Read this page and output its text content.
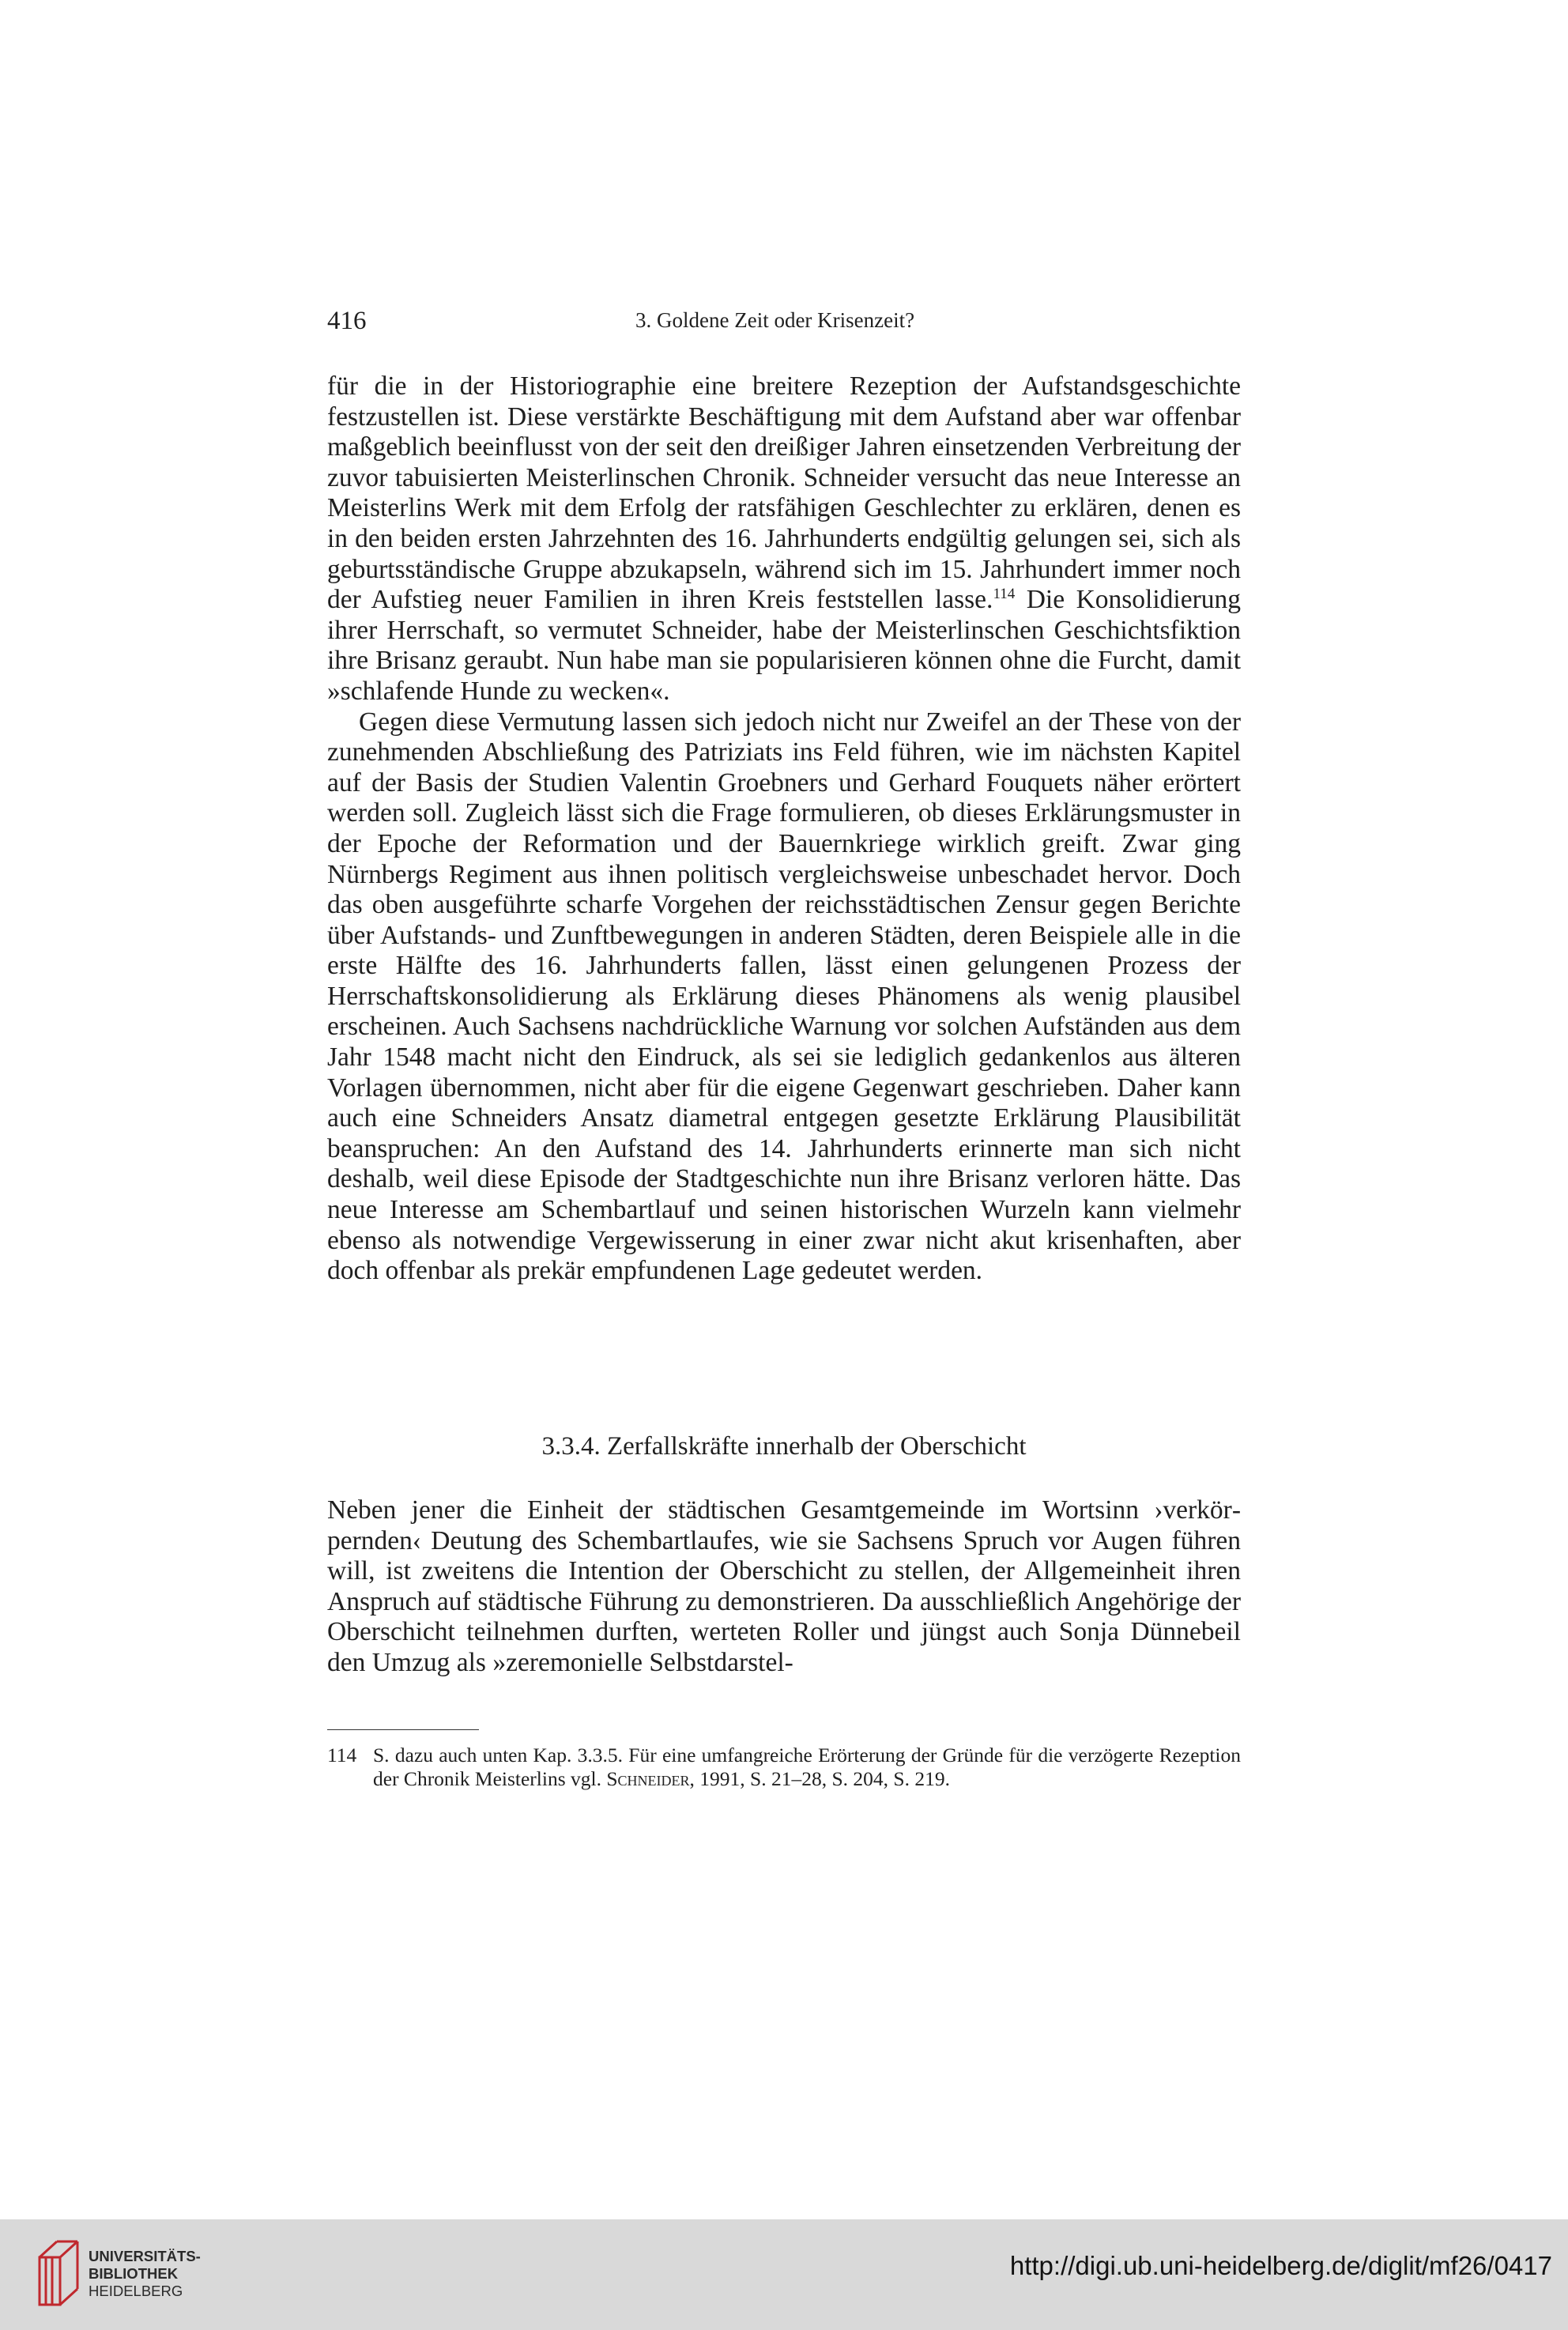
416	3. Goldene Zeit oder Krisenzeit?

für die in der Historiographie eine breitere Rezeption der Aufstandsgeschichte festzustellen ist. Diese verstärkte Beschäftigung mit dem Aufstand aber war offenbar maßgeblich beeinflusst von der seit den dreißiger Jahren einsetzenden Verbreitung der zuvor tabuisierten Meisterlinschen Chronik. Schneider versucht das neue Interesse an Meisterlins Werk mit dem Erfolg der ratsfähigen Geschlechter zu erklären, denen es in den beiden ersten Jahrzehnten des 16. Jahrhunderts endgültig gelungen sei, sich als geburtsständische Gruppe abzukapseln, während sich im 15. Jahrhundert immer noch der Aufstieg neuer Familien in ihren Kreis feststellen lasse.$^{114}$ Die Konsolidierung ihrer Herrschaft, so vermutet Schneider, habe der Meisterlinschen Geschichtsfiktion ihre Brisanz geraubt. Nun habe man sie popularisieren können ohne die Furcht, damit »schlafende Hunde zu wecken«.

Gegen diese Vermutung lassen sich jedoch nicht nur Zweifel an der These von der zunehmenden Abschließung des Patriziats ins Feld führen, wie im nächsten Kapitel auf der Basis der Studien Valentin Groebners und Gerhard Fouquets näher erörtert werden soll. Zugleich lässt sich die Frage formulieren, ob dieses Erklärungsmuster in der Epoche der Reformation und der Bauernkriege wirklich greift. Zwar ging Nürnbergs Regiment aus ihnen politisch vergleichsweise unbeschadet hervor. Doch das oben ausgeführte scharfe Vorgehen der reichsstädtischen Zensur gegen Berichte über Aufstands- und Zunftbewegungen in anderen Städten, deren Beispiele alle in die erste Hälfte des 16. Jahrhunderts fallen, lässt einen gelungenen Prozess der Herrschaftskonsolidierung als Erklärung dieses Phänomens als wenig plausibel erscheinen. Auch Sachsens nachdrückliche Warnung vor solchen Aufständen aus dem Jahr 1548 macht nicht den Eindruck, als sei sie lediglich gedankenlos aus älteren Vorlagen übernommen, nicht aber für die eigene Gegenwart geschrieben. Daher kann auch eine Schneiders Ansatz diametral entgegen gesetzte Erklärung Plausibilität beanspruchen: An den Aufstand des 14. Jahrhunderts erinnerte man sich nicht deshalb, weil diese Episode der Stadtgeschichte nun ihre Brisanz verloren hätte. Das neue Interesse am Schembartlauf und seinen historischen Wurzeln kann vielmehr ebenso als notwendige Vergewisserung in einer zwar nicht akut krisenhaften, aber doch offenbar als prekär empfundenen Lage gedeutet werden.

3.3.4. Zerfallskräfte innerhalb der Oberschicht
Neben jener die Einheit der städtischen Gesamtgemeinde im Wortsinn ›verkörpernden‹ Deutung des Schembartlaufes, wie sie Sachsens Spruch vor Augen führen will, ist zweitens die Intention der Oberschicht zu stellen, der Allgemeinheit ihren Anspruch auf städtische Führung zu demonstrieren. Da ausschließlich Angehörige der Oberschicht teilnehmen durften, werteten Roller und jüngst auch Sonja Dünnebeil den Umzug als »zeremonielle Selbstdarstel-
114 S. dazu auch unten Kap. 3.3.5. Für eine umfangreiche Erörterung der Gründe für die verzögerte Rezeption der Chronik Meisterlins vgl. Schneider, 1991, S. 21–28, S. 204, S. 219.
UNIVERSITÄTS-
BIBLIOTHEK
HEIDELBERG
http://digi.ub.uni-heidelberg.de/diglit/mf26/0417
